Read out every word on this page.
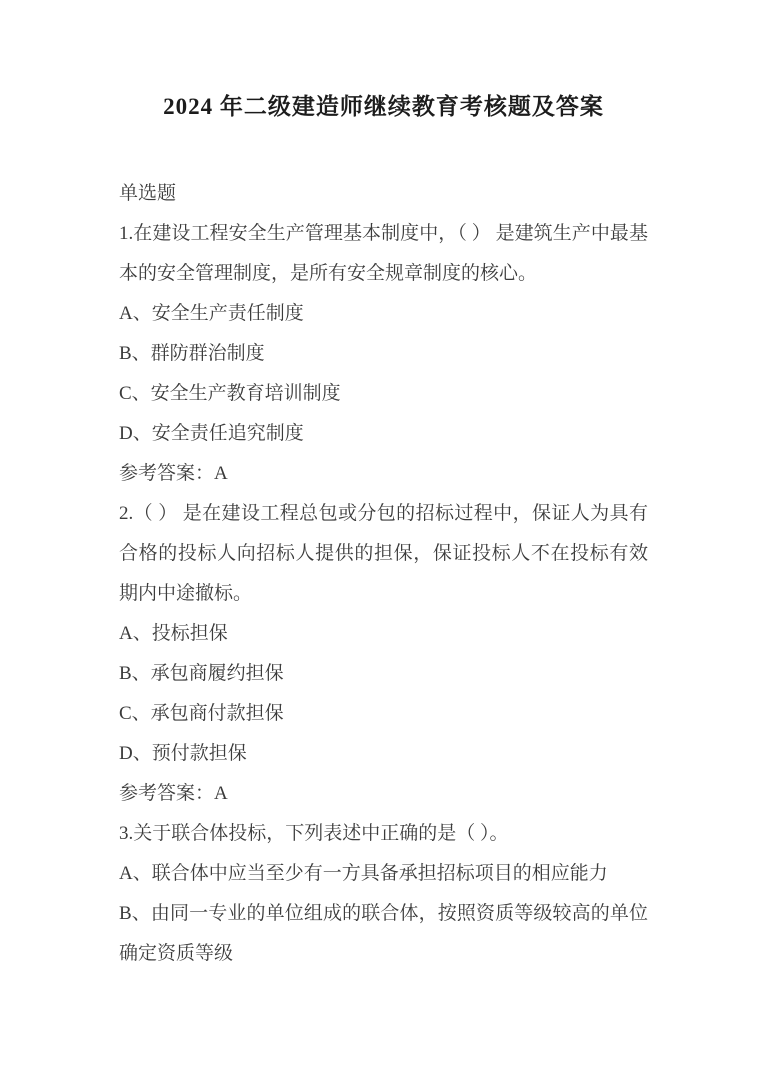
2024 年二级建造师继续教育考核题及答案

单选题

1.在建设工程安全生产管理基本制度中，（ ） 是建筑生产中最基本的安全管理制度，是所有安全规章制度的核心。

A、安全生产责任制度

B、群防群治制度

C、安全生产教育培训制度

D、安全责任追究制度

参考答案：A

2.（ ） 是在建设工程总包或分包的招标过程中，保证人为具有合格的投标人向招标人提供的担保，保证投标人不在投标有效期内中途撤标。

A、投标担保

B、承包商履约担保

C、承包商付款担保

D、预付款担保

参考答案：A

3.关于联合体投标，下列表述中正确的是（ ）。

A、联合体中应当至少有一方具备承担招标项目的相应能力

B、由同一专业的单位组成的联合体，按照资质等级较高的单位确定资质等级
